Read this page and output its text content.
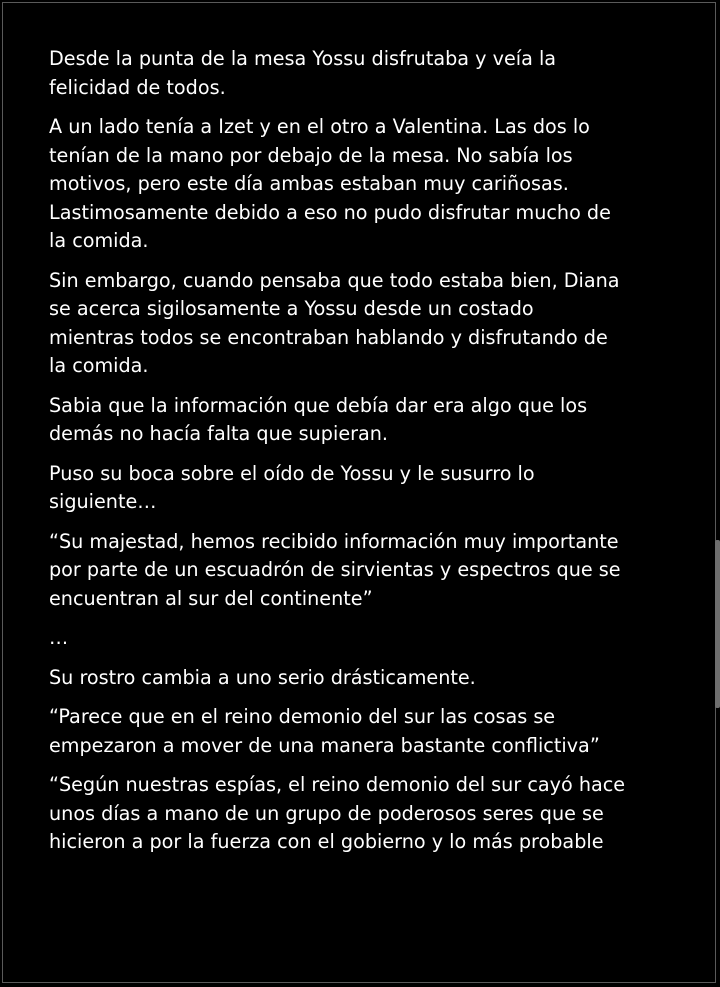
Desde la punta de la mesa Yossu disfrutaba y veía la
felicidad de todos.

A un lado tenía a Izet y en el otro a Valentina. Las dos lo
tenían de la mano por debajo de la mesa. No sabía los
motivos, pero este día ambas estaban muy cariñosas.
Lastimosamente debido a eso no pudo disfrutar mucho de
la comida.

Sin embargo, cuando pensaba que todo estaba bien, Diana
se acerca sigilosamente a Yossu desde un costado
mientras todos se encontraban hablando y disfrutando de
la comida.

Sabia que la información que debía dar era algo que los
demás no hacía falta que supieran.

Puso su boca sobre el oído de Yossu y le susurro lo
siguiente…

“Su majestad, hemos recibido información muy importante
por parte de un escuadrón de sirvientas y espectros que se
encuentran al sur del continente”

…

Su rostro cambia a uno serio drásticamente.

“Parece que en el reino demonio del sur las cosas se
empezaron a mover de una manera bastante conflictiva”

“Según nuestras espías, el reino demonio del sur cayó hace
unos días a mano de un grupo de poderosos seres que se
hicieron a por la fuerza con el gobierno y lo más probable
